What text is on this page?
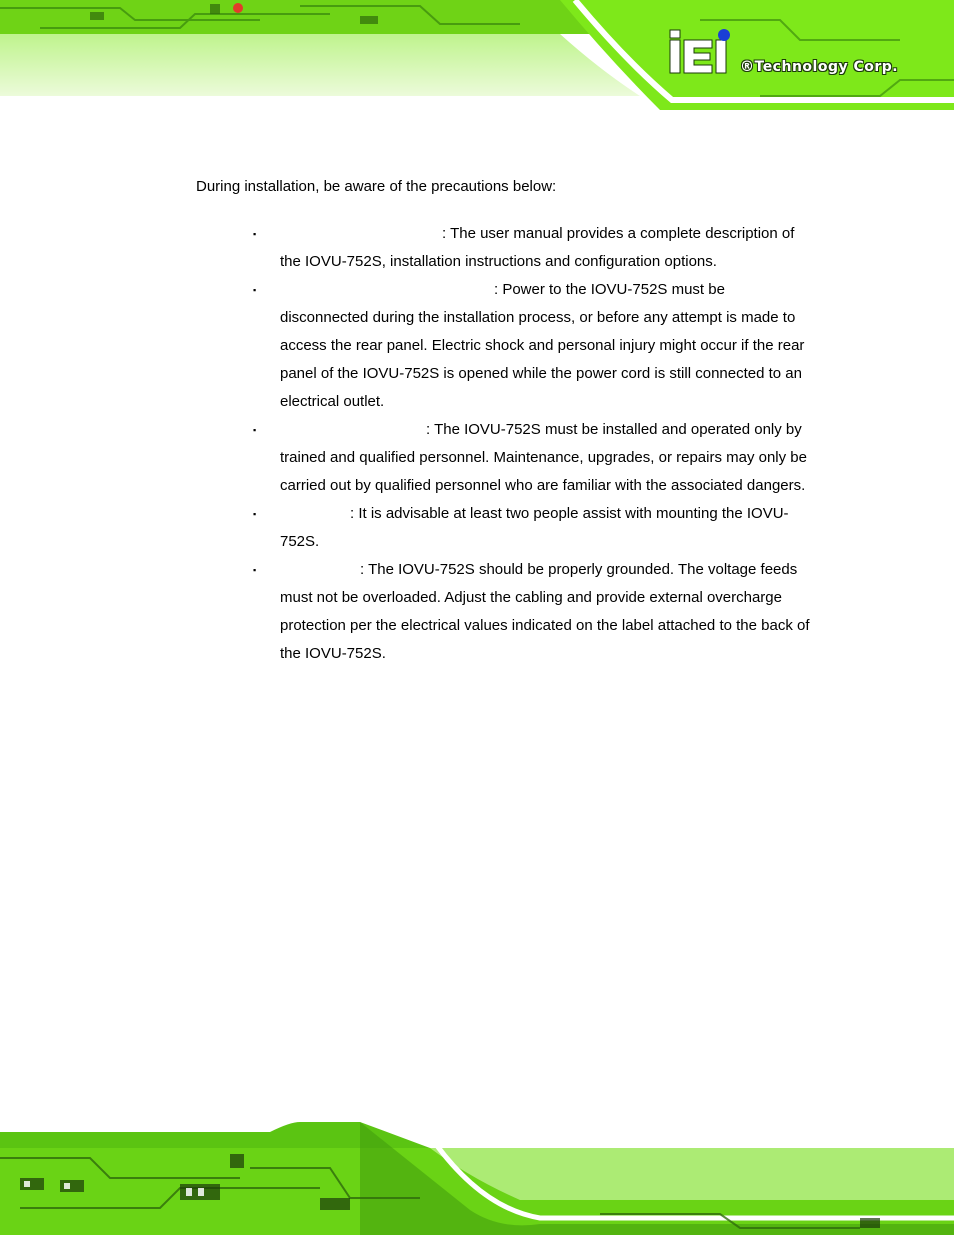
®Technology Corp.
During installation, be aware of the precautions below:
▪	: The user manual provides a complete description of the IOVU-752S, installation instructions and configuration options.
▪	: Power to the IOVU-752S must be disconnected during the installation process, or before any attempt is made to access the rear panel. Electric shock and personal injury might occur if the rear panel of the IOVU-752S is opened while the power cord is still connected to an electrical outlet.
▪	: The IOVU-752S must be installed and operated only by trained and qualified personnel. Maintenance, upgrades, or repairs may only be carried out by qualified personnel who are familiar with the associated dangers.
▪	: It is advisable at least two people assist with mounting the IOVU-752S.
▪	: The IOVU-752S should be properly grounded. The voltage feeds must not be overloaded. Adjust the cabling and provide external overcharge protection per the electrical values indicated on the label attached to the back of the IOVU-752S.
